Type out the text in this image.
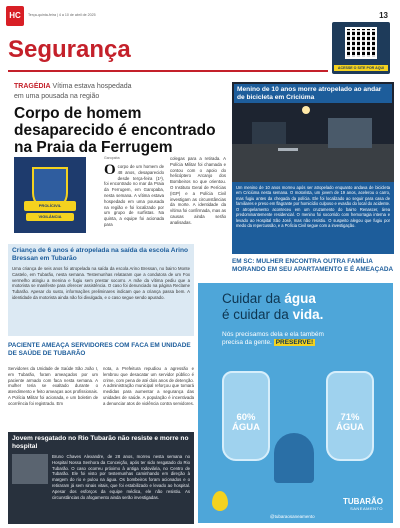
HC	Terça-quinta-feira | 4 a 10 de abril de 2025	13
ACESSE O SITE POR AQUI
Segurança
TRAGÉDIA Vítima estava hospedada
em uma pousada na região
Corpo de homem desaparecido é encontrado na Praia da Ferrugem
PROLÍCIVIL
VIGILÂNCIA
Garopaba
Ocorpo de um homem de 48 anos, desaparecido desde terça-feira (1º), foi encontrado no mar da Praia da Ferrugem, em Garopaba, nesta semana. A vítima estava hospedado em uma pousada na região e foi localizado por um grupo de surfistas. Na quinta, a equipe foi acionada para
colegas para a retirada. A Polícia Militar foi chamada e contou com o apoio do helicóptero Arcanjo dos Bombeiros no que orientou. O Instituto Geral de Perícias (IGP) e a Polícia Civil investigam as circunstâncias da morte. A identidade da vítima foi confirmada, mas as causas ainda serão analisadas.
Menino de 10 anos morre atropelado ao andar de bicicleta em Criciúma
Um menino de 10 anos morreu após ser atropelado enquanto andava de bicicleta em Criciúma nesta semana. O motorista, um jovem de 19 anos, acelerou o carro, mas fugiu antes da chegada da polícia. Ele foi localizado ao seguir para casa de familiares e preso em flagrante por homicídio culposo e evasão do local do acidente. O atropelamento aconteceu em um cruzamento do bairro Renascer, área predominantemente residencial. O menino foi socorrido com hemorragia interna e levado ao Hospital São José, mas não resistiu. O suspeito alegou que fugiu por medo da repercussão, e a Polícia Civil segue com a investigação.
EM SC: MULHER ENCONTRA OUTRA FAMÍLIA MORANDO EM SEU APARTAMENTO E É AMEAÇADA
Criança de 6 anos é atropelada na saída da escola Arino Bressan em Tubarão
Uma criança de seis anos foi atropelada na saída da escola Arino Bressan, no bairro Monte Castelo, em Tubarão, nesta semana. Testemunhas relataram que a condutora de um Fox vermelho atingiu a menina e fugiu sem prestar socorro. A mãe da vítima pediu que a motorista se manifeste para oferecer assistência. O caso foi denunciado na página Reclame Tubarão. Apesar do susto, informações preliminares indicam que a criança passa bem. A identidade da motorista ainda não foi divulgada, e o caso segue sendo apurado.
PACIENTE AMEAÇA SERVIDORES COM FACA EM UNIDADE DE SAÚDE DE TUBARÃO
Servidores da Unidade de Saúde São João I, em Tubarão, foram ameaçados por um paciente armado com faca nesta semana. A mulher teria se exaltado durante o atendimento e feito ameaças aos profissionais. A Polícia Militar foi acionada, e um boletim de ocorrência foi registrado. Em
nota, a Prefeitura repudiou a agressão e lembrou que desacatar um servidor público é crime, com pena de até dois anos de detenção. A administração municipal reforçou que tomará medidas para aumentar a segurança das unidades de saúde. A população é incentivada a denunciar atos de violência contra servidores.
Jovem resgatado no Rio Tubarão não resiste e morre no hospital
Bruno Chaves Alexandre, de 28 anos, morreu nesta semana no Hospital Nossa Senhora da Conceição, após ter sido resgatado do Rio Tubarão. O caso ocorreu próximo à antiga rodoviária, no Centro de Tubarão. Ele foi visto por testemunhas caminhando em direção à margem do rio e pulou na água. Os bombeiros foram acionados e o retiraram já sem sinais vitais, que foi estabilizado e levado ao hospital. Apesar dos esforços da equipe médica, ele não resistiu. As circunstâncias do afogamento ainda serão investigadas.
Cuidar da água
é cuidar da vida.
Nós precisamos dela e ela também
precisa da gente. PRESERVE!
60% ÁGUA
71% ÁGUA
TUBARÃO
SANEAMENTO
@tubaraosaneamento
